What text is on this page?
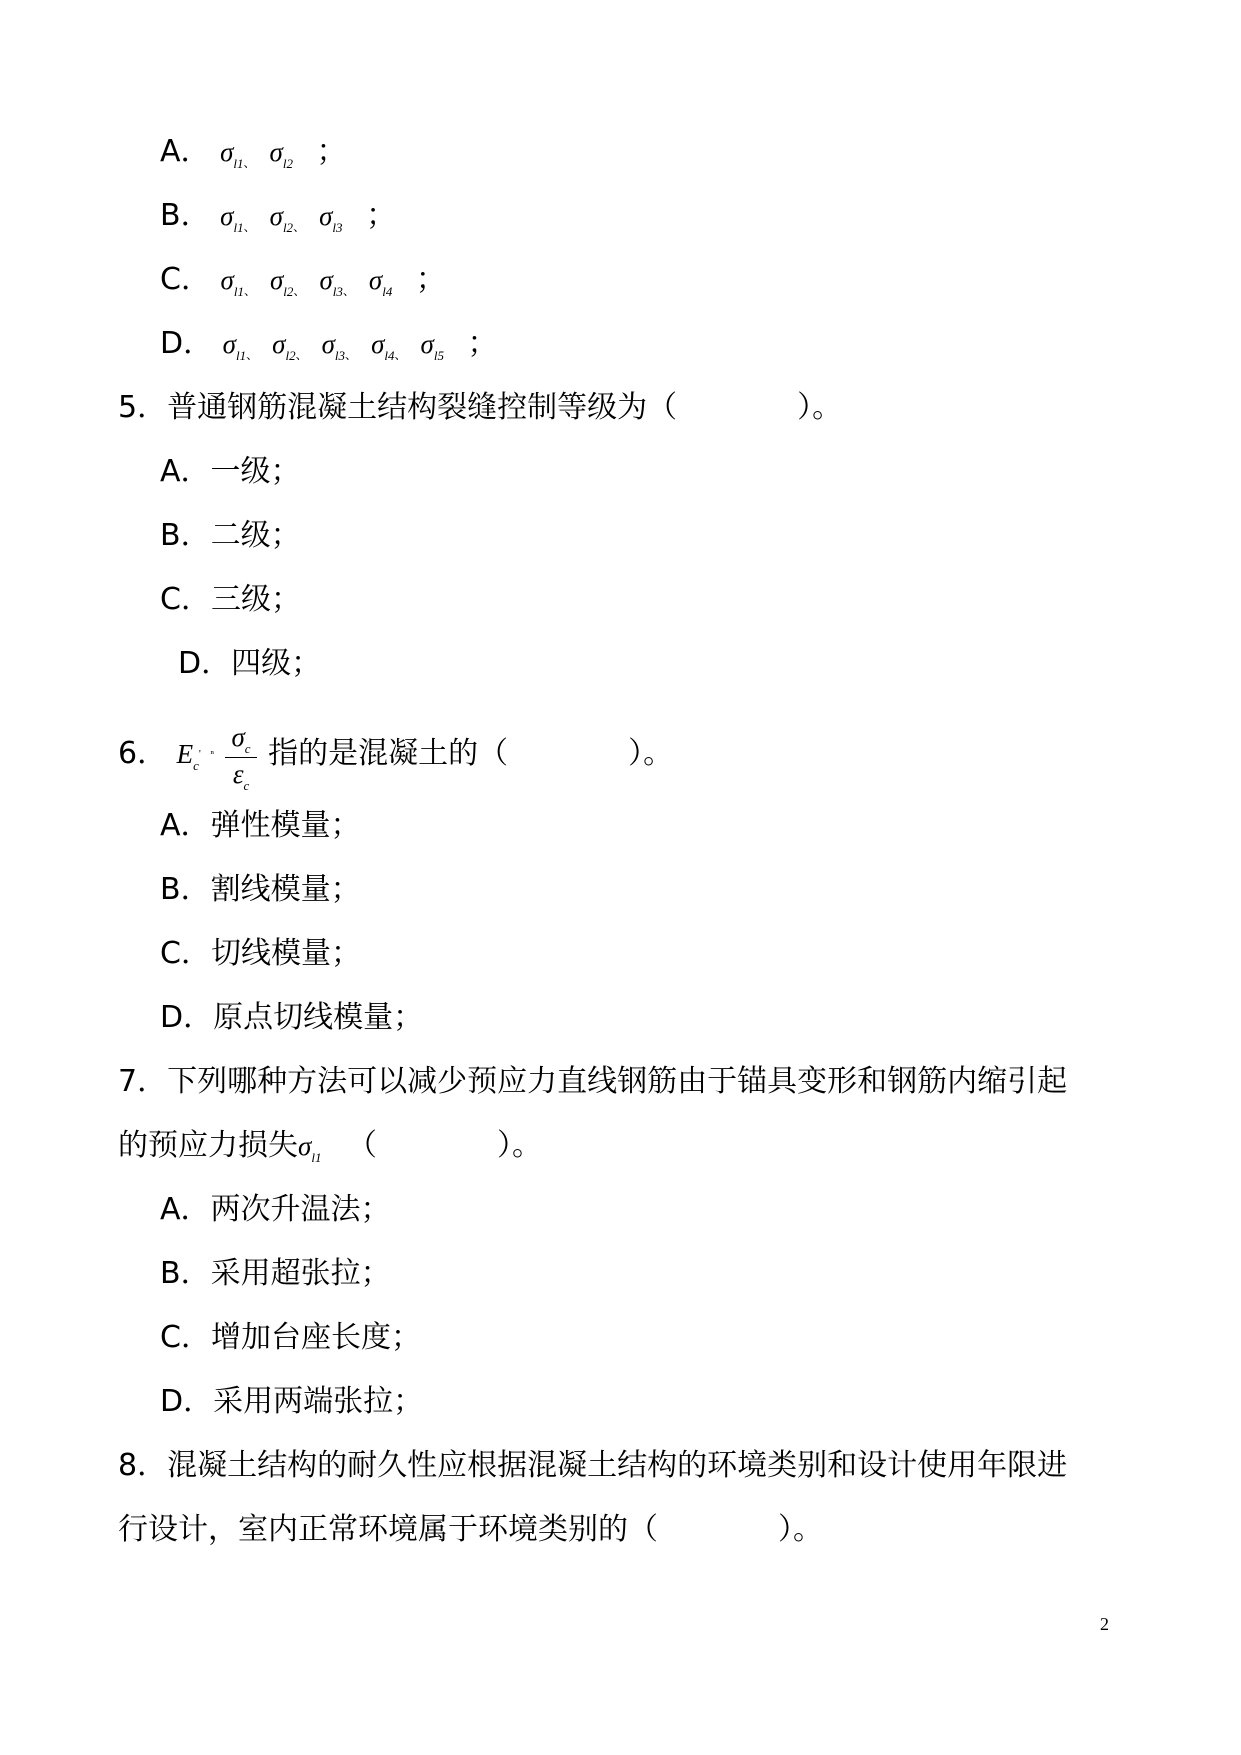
A． $\sigma_{l1、}$ $\sigma_{l2}$ ；
B． $\sigma_{l1、}$ $\sigma_{l2、}$ $\sigma_{l3}$ ；
C． $\sigma_{l1、}$ $\sigma_{l2、}$ $\sigma_{l3、}$ $\sigma_{l4}$ ；
D． $\sigma_{l1、}$ $\sigma_{l2、}$ $\sigma_{l3、}$ $\sigma_{l4、}$ $\sigma_{l5}$ ；
5．普通钢筋混凝土结构裂缝控制等级为（　　　　）。
A．一级；
B．二级；
C．三级；
D．四级；
6． $E_c'$ $^{^n} \frac{\sigma_c}{\varepsilon_c}$ 指的是混凝土的（　　　　）。
A．弹性模量；
B．割线模量；
C．切线模量；
D．原点切线模量；
7．下列哪种方法可以减少预应力直线钢筋由于锚具变形和钢筋内缩引起
的预应力损失$\sigma_{l1}$ （　　　　）。
A．两次升温法；
B．采用超张拉；
C．增加台座长度；
D．采用两端张拉；
8．混凝土结构的耐久性应根据混凝土结构的环境类别和设计使用年限进
行设计，室内正常环境属于环境类别的（　　　　）。
2
